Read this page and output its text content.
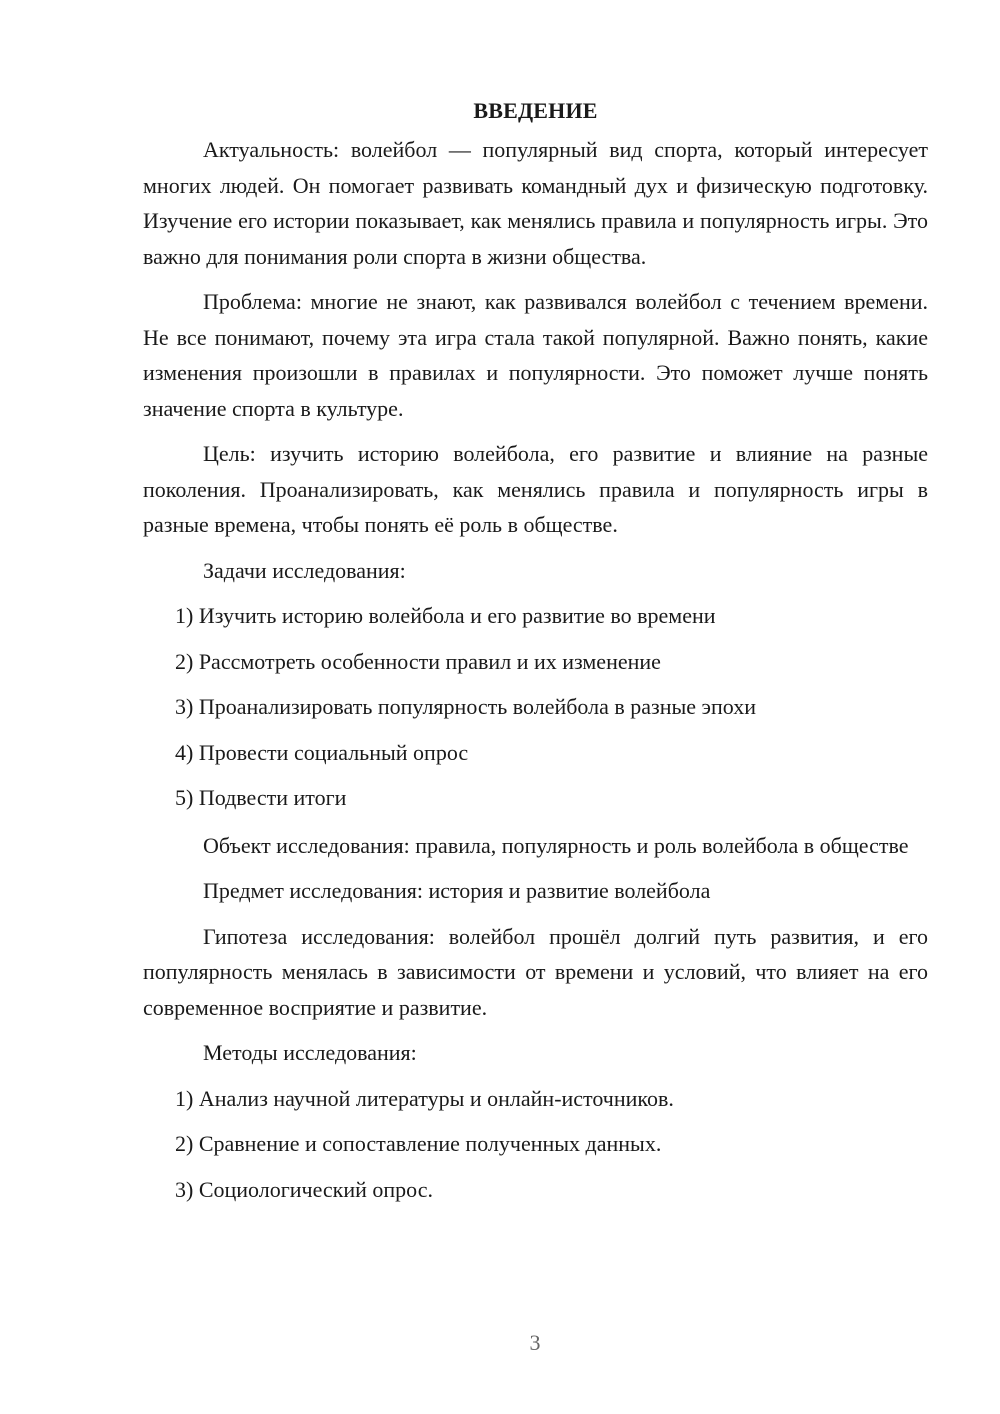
ВВЕДЕНИЕ

Актуальность: волейбол — популярный вид спорта, который интересует многих людей. Он помогает развивать командный дух и физическую подготовку. Изучение его истории показывает, как менялись правила и популярность игры. Это важно для понимания роли спорта в жизни общества.

Проблема: многие не знают, как развивался волейбол с течением времени. Не все понимают, почему эта игра стала такой популярной. Важно понять, какие изменения произошли в правилах и популярности. Это поможет лучше понять значение спорта в культуре.

Цель: изучить историю волейбола, его развитие и влияние на разные поколения. Проанализировать, как менялись правила и популярность игры в разные времена, чтобы понять её роль в обществе.

Задачи исследования:

1) Изучить историю волейбола и его развитие во времени
2) Рассмотреть особенности правил и их изменение
3) Проанализировать популярность волейбола в разные эпохи
4) Провести социальный опрос
5) Подвести итоги

Объект исследования: правила, популярность и роль волейбола в обществе

Предмет исследования: история и развитие волейбола

Гипотеза исследования: волейбол прошёл долгий путь развития, и его популярность менялась в зависимости от времени и условий, что влияет на его современное восприятие и развитие.

Методы исследования:

1) Анализ научной литературы и онлайн-источников.
2) Сравнение и сопоставление полученных данных.
3) Социологический опрос.
3
